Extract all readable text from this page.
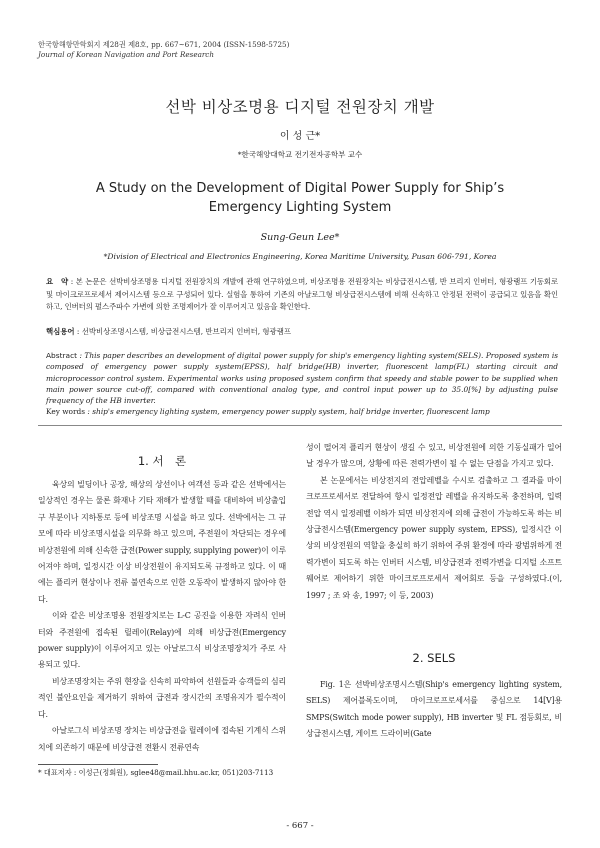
한국항해항만학회지 제28권 제8호, pp. 667~671, 2004 (ISSN-1598-5725)
Journal of Korean Navigation and Port Research
선박 비상조명용 디지털 전원장치 개발
이 성 근*
*한국해양대학교 전기전자공학부 교수
A Study on the Development of Digital Power Supply for Ship’s
Emergency Lighting System
Sung-Geun Lee*
*Division of Electrical and Electronics Engineering, Korea Maritime University, Pusan 606-791, Korea
요　약 : 본 논문은 선박비상조명용 디지털 전원장치의 개발에 관해 연구하였으며, 비상조명용 전원장치는 비상급전시스템, 반 브리지 인버터, 형광램프 기동회로 및 마이크로프로세서 제어시스템 등으로 구성되어 있다. 실험을 통하여 기존의 아날로그형 비상급전시스템에 비해 신속하고 안정된 전력이 공급되고 있음을 확인하고, 인버터의 펄스주파수 가변에 의한 조명제어가 잘 이루어지고 있음을 확인한다.
핵심용어 : 선박비상조명시스템, 비상급전시스템, 반브리지 인버터, 형광램프
Abstract : This paper describes an development of digital power supply for ship's emergency lighting system(SELS). Proposed system is composed of emergency power supply system(EPSS), half bridge(HB) inverter, fluorescent lamp(FL) starting circuit and microprocessor control system. Experimental works using proposed system confirm that speedy and stable power to be supplied when main power source cut-off, compared with conventional analog type, and control input power up to 35.0[%] by adjusting pulse frequency of the HB inverter.
Key words : ship's emergency lighting system, emergency power supply system, half bridge inverter, fluorescent lamp
1. 서　론

육상의 빌딩이나 공장, 해상의 상선이나 여객선 등과 같은 선박에서는 일상적인 경우는 물론 화재나 기타 재해가 발생할 때를 대비하여 비상출입구 부분이나 지하통로 등에 비상조명 시설을 하고 있다. 선박에서는 그 규모에 따라 비상조명시설을 의무화 하고 있으며, 주전원이 차단되는 경우에 비상전원에 의해 신속한 급전(Power supply, supplying power)이 이루어져야 하며, 일정시간 이상 비상전원이 유지되도록 규정하고 있다. 이 때에는 플리커 현상이나 전류 불연속으로 인한 오동작이 발생하지 않아야 한다.

이와 같은 비상조명용 전원장치로는 L-C 공진을 이용한 자려식 인버터와 주전원에 접속된 릴레이(Relay)에 의해 비상급전(Emergency power supply)이 이루어지고 있는 아날로그식 비상조명장치가 주로 사용되고 있다.

비상조명장치는 주위 현장을 신속히 파악하여 선원들과 승객들의 심리적인 불안요인을 제거하기 위하여 급전과 장시간의 조명유지가 필수적이다.

아날로그식 비상조명 장치는 비상급전을 릴레이에 접속된 기계식 스위치에 의존하기 때문에 비상급전 전환시 전류연속

성이 떨어져 플리커 현상이 생길 수 있고, 비상전원에 의한 기동실패가 일어날 경우가 많으며, 상황에 따른 전력가변이 될 수 없는 단점을 가지고 있다.

본 논문에서는 비상전지의 전압레벨을 수시로 검출하고 그 결과를 마이크로프로세서로 전달하여 항시 일정전압 레벨을 유지하도록 충전하며, 입력전압 역시 일정레벨 이하가 되면 비상전지에 의해 급전이 가능하도록 하는 비상급전시스템(Emergency power supply system, EPSS), 일정시간 이상의 비상전원의 역할을 충실히 하기 위하여 주위 환경에 따라 광범위하게 전력가변이 되도록 하는 인버터 시스템, 비상급전과 전력가변을 디지털 소프트웨어로 제어하기 위한 마이크로프로세서 제어회로 등을 구성하였다.(이, 1997 ; 조 와 송, 1997; 이 등, 2003)

2. SELS

Fig. 1은 선박비상조명시스템(Ship's emergency lighting system, SELS) 제어블록도이며, 마이크로프로세서를 중심으로 14[V]용 SMPS(Switch mode power supply), HB inverter 및 FL 점등회로, 비상급전시스템, 게이트 드라이버(Gate

* 대표저자 : 이성근(정회원), sglee48@mail.hhu.ac.kr, 051)203-7113
- 667 -
